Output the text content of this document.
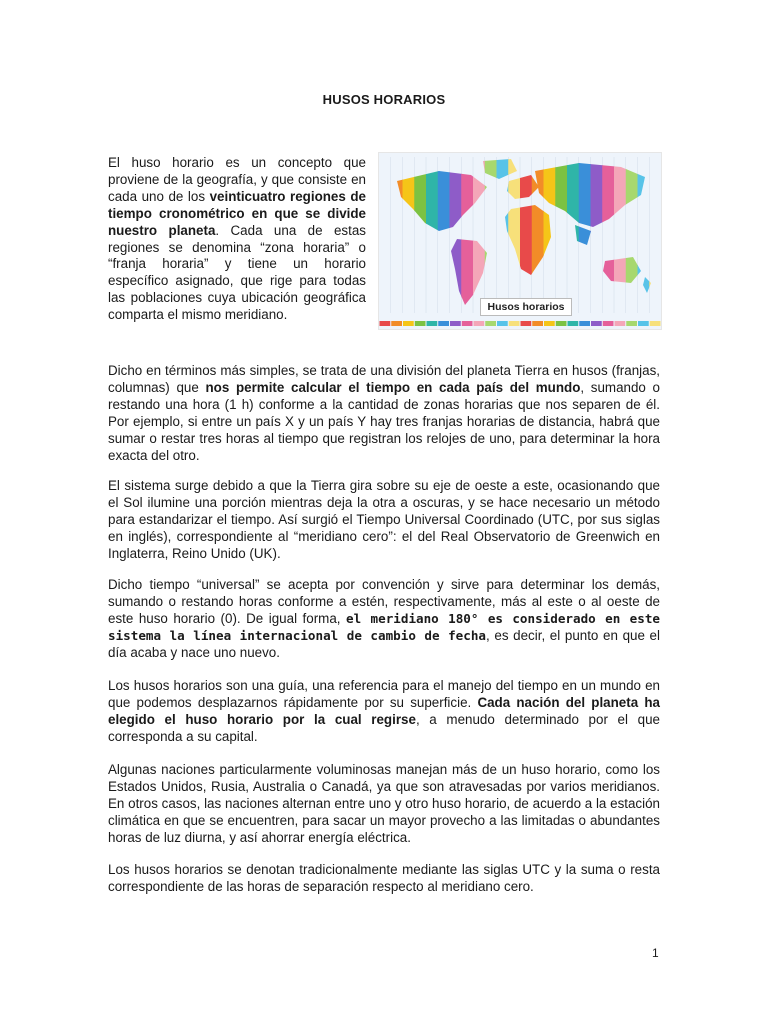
HUSOS HORARIOS

El huso horario es un concepto que proviene de la geografía, y que consiste en cada uno de los veinticuatro regiones de tiempo cronométrico en que se divide nuestro planeta. Cada una de estas regiones se denomina “zona horaria” o “franja horaria” y tiene un horario específico asignado, que rige para todas las poblaciones cuya ubicación geográfica comparta el mismo meridiano.

Husos horarios

Dicho en términos más simples, se trata de una división del planeta Tierra en husos (franjas, columnas) que nos permite calcular el tiempo en cada país del mundo, sumando o restando una hora (1 h) conforme a la cantidad de zonas horarias que nos separen de él. Por ejemplo, si entre un país X y un país Y hay tres franjas horarias de distancia, habrá que sumar o restar tres horas al tiempo que registran los relojes de uno, para determinar la hora exacta del otro.

El sistema surge debido a que la Tierra gira sobre su eje de oeste a este, ocasionando que el Sol ilumine una porción mientras deja la otra a oscuras, y se hace necesario un método para estandarizar el tiempo. Así surgió el Tiempo Universal Coordinado (UTC, por sus siglas en inglés), correspondiente al “meridiano cero”: el del Real Observatorio de Greenwich en Inglaterra, Reino Unido (UK).

Dicho tiempo “universal” se acepta por convención y sirve para determinar los demás, sumando o restando horas conforme a estén, respectivamente, más al este o al oeste de este huso horario (0). De igual forma, el meridiano 180° es considerado en este sistema la línea internacional de cambio de fecha, es decir, el punto en que el día acaba y nace uno nuevo.

Los husos horarios son una guía, una referencia para el manejo del tiempo en un mundo en que podemos desplazarnos rápidamente por su superficie. Cada nación del planeta ha elegido el huso horario por la cual regirse, a menudo determinado por el que corresponda a su capital.

Algunas naciones particularmente voluminosas manejan más de un huso horario, como los Estados Unidos, Rusia, Australia o Canadá, ya que son atravesadas por varios meridianos. En otros casos, las naciones alternan entre uno y otro huso horario, de acuerdo a la estación climática en que se encuentren, para sacar un mayor provecho a las limitadas o abundantes horas de luz diurna, y así ahorrar energía eléctrica.

Los husos horarios se denotan tradicionalmente mediante las siglas UTC y la suma o resta correspondiente de las horas de separación respecto al meridiano cero.

1
